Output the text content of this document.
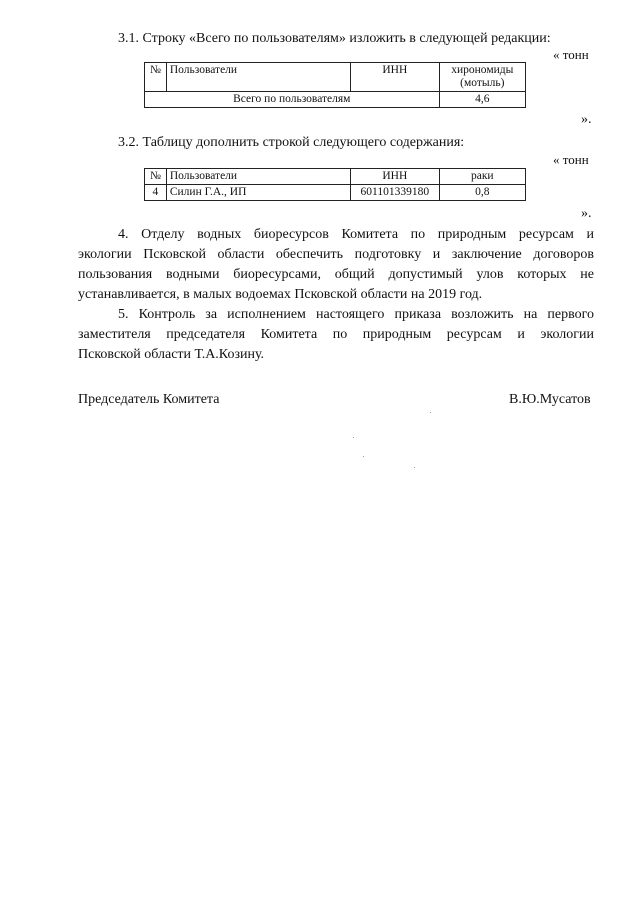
3.1. Строку «Всего по пользователям» изложить в следующей редакции:
« тонн
№	Пользователи	ИНН	хирономиды (мотыль)
Всего по пользователям			4,6
».
3.2. Таблицу дополнить строкой следующего содержания:
« тонн
№	Пользователи	ИНН	раки
4	Силин Г.А., ИП	601101339180	0,8
».
4. Отделу водных биоресурсов Комитета по природным ресурсам и
экологии Псковской области обеспечить подготовку и заключение договоров
пользования водными биоресурсами, общий допустимый улов которых не
устанавливается, в малых водоемах Псковской области на 2019 год.
5. Контроль за исполнением настоящего приказа возложить на первого
заместителя председателя Комитета по природным ресурсам и экологии
Псковской области Т.А.Козину.
Председатель Комитета	В.Ю.Мусатов
